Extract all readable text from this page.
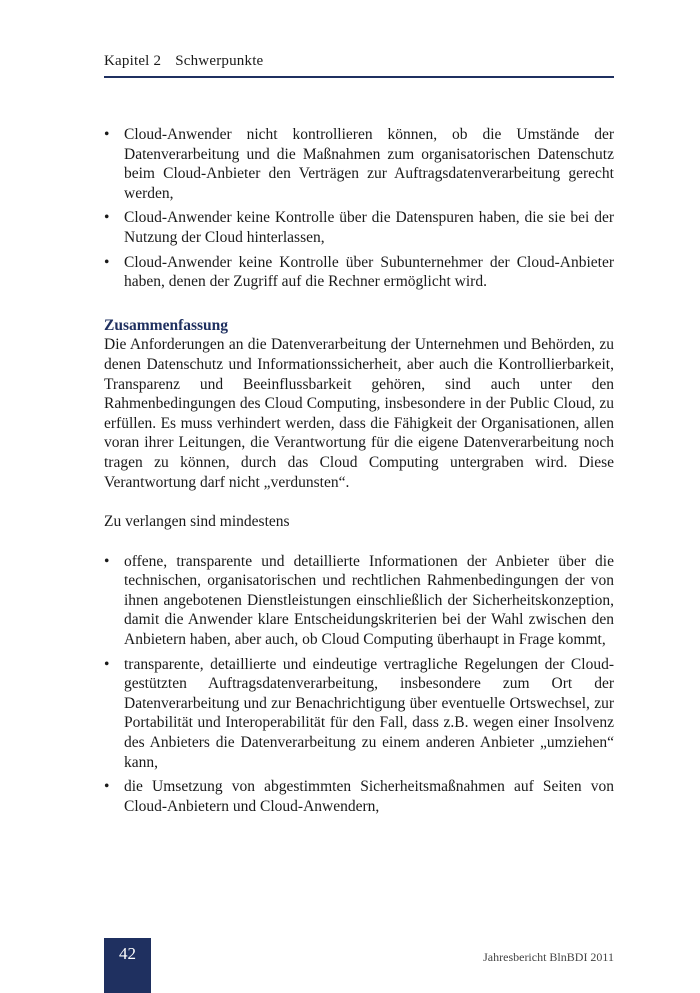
Kapitel 2 Schwerpunkte
• Cloud-Anwender nicht kontrollieren können, ob die Umstände der Datenverarbeitung und die Maßnahmen zum organisatorischen Datenschutz beim Cloud-Anbieter den Verträgen zur Auftragsdatenverarbeitung gerecht werden,
• Cloud-Anwender keine Kontrolle über die Datenspuren haben, die sie bei der Nutzung der Cloud hinterlassen,
• Cloud-Anwender keine Kontrolle über Subunternehmer der Cloud-Anbieter haben, denen der Zugriff auf die Rechner ermöglicht wird.
Zusammenfassung

Die Anforderungen an die Datenverarbeitung der Unternehmen und Behörden, zu denen Datenschutz und Informationssicherheit, aber auch die Kontrollierbarkeit, Transparenz und Beeinflussbarkeit gehören, sind auch unter den Rahmenbedingungen des Cloud Computing, insbesondere in der Public Cloud, zu erfüllen. Es muss verhindert werden, dass die Fähigkeit der Organisationen, allen voran ihrer Leitungen, die Verantwortung für die eigene Datenverarbeitung noch tragen zu können, durch das Cloud Computing untergraben wird. Diese Verantwortung darf nicht „verdunsten“.

Zu verlangen sind mindestens

• offene, transparente und detaillierte Informationen der Anbieter über die technischen, organisatorischen und rechtlichen Rahmenbedingungen der von ihnen angebotenen Dienstleistungen einschließlich der Sicherheitskonzeption, damit die Anwender klare Entscheidungskriterien bei der Wahl zwischen den Anbietern haben, aber auch, ob Cloud Computing überhaupt in Frage kommt,
• transparente, detaillierte und eindeutige vertragliche Regelungen der Cloud-gestützten Auftragsdatenverarbeitung, insbesondere zum Ort der Datenverarbeitung und zur Benachrichtigung über eventuelle Ortswechsel, zur Portabilität und Interoperabilität für den Fall, dass z.B. wegen einer Insolvenz des Anbieters die Datenverarbeitung zu einem anderen Anbieter „umziehen“ kann,
• die Umsetzung von abgestimmten Sicherheitsmaßnahmen auf Seiten von Cloud-Anbietern und Cloud-Anwendern,
42	Jahresbericht BlnBDI 2011
